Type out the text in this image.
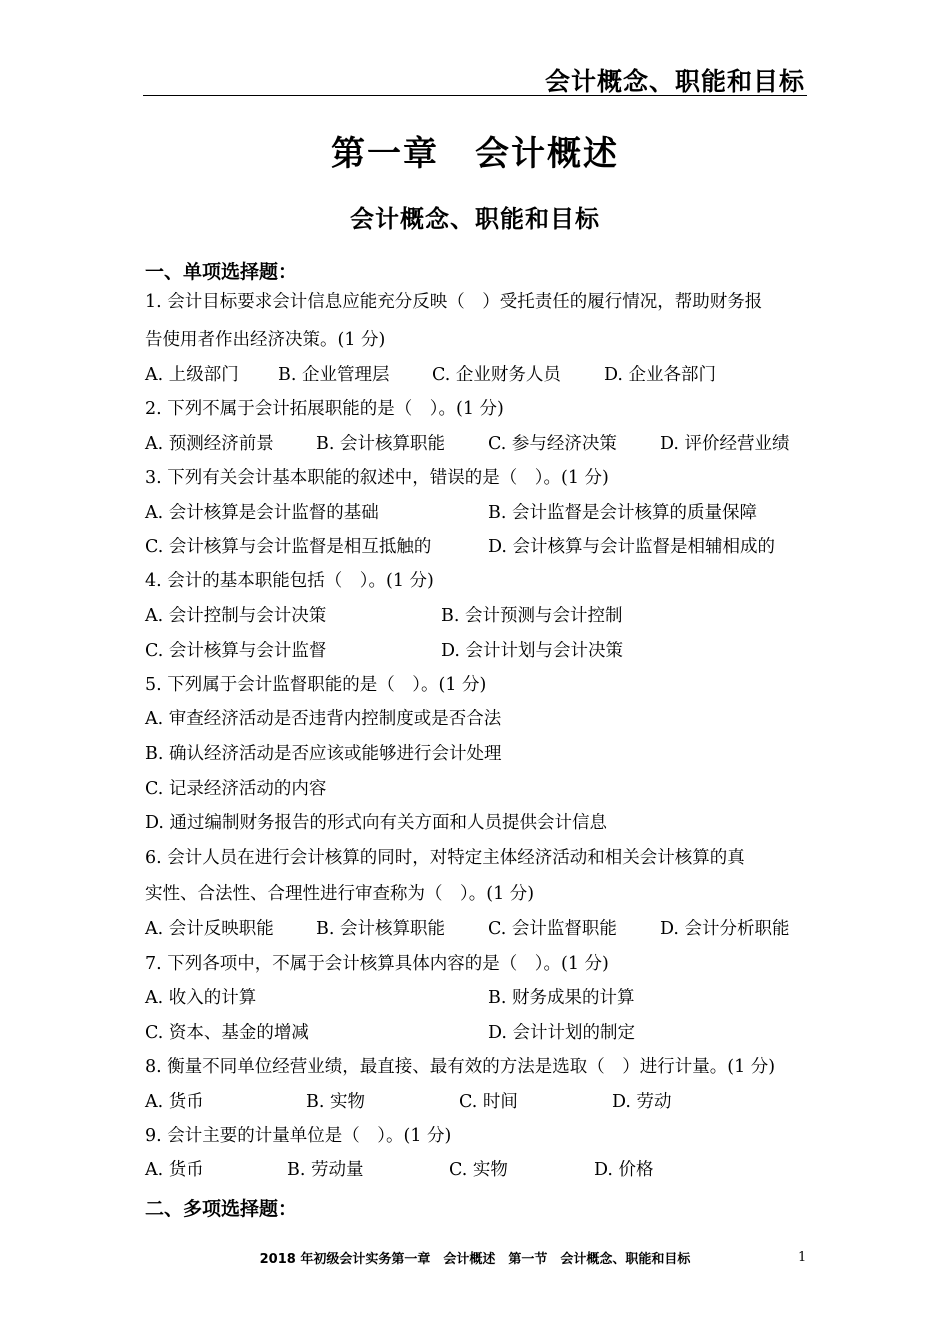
会计概念、职能和目标
第一章　会计概述
会计概念、职能和目标
一、单项选择题：
1. 会计目标要求会计信息应能充分反映（　）受托责任的履行情况，帮助财务报
告使用者作出经济决策。(1 分)
A. 上级部门 B. 企业管理层 C. 企业财务人员 D. 企业各部门
2. 下列不属于会计拓展职能的是（　）。(1 分)
A. 预测经济前景 B. 会计核算职能 C. 参与经济决策 D. 评价经营业绩
3. 下列有关会计基本职能的叙述中，错误的是（　）。(1 分)
A. 会计核算是会计监督的基础	B. 会计监督是会计核算的质量保障
C. 会计核算与会计监督是相互抵触的	D. 会计核算与会计监督是相辅相成的
4. 会计的基本职能包括（　）。(1 分)
A. 会计控制与会计决策	B. 会计预测与会计控制
C. 会计核算与会计监督	D. 会计计划与会计决策
5. 下列属于会计监督职能的是（　）。(1 分)
A. 审查经济活动是否违背内控制度或是否合法
B. 确认经济活动是否应该或能够进行会计处理
C. 记录经济活动的内容
D. 通过编制财务报告的形式向有关方面和人员提供会计信息
6. 会计人员在进行会计核算的同时，对特定主体经济活动和相关会计核算的真
实性、合法性、合理性进行审查称为（　）。(1 分)
A. 会计反映职能 B. 会计核算职能 C. 会计监督职能 D. 会计分析职能
7. 下列各项中，不属于会计核算具体内容的是（　）。(1 分)
A. 收入的计算	B. 财务成果的计算
C. 资本、基金的增减	D. 会计计划的制定
8. 衡量不同单位经营业绩，最直接、最有效的方法是选取（　）进行计量。(1 分)
A. 货币	B. 实物	C. 时间	D. 劳动
9. 会计主要的计量单位是（　）。(1 分)
A. 货币	B. 劳动量	C. 实物	D. 价格
二、多项选择题：
2018 年初级会计实务第一章　会计概述　第一节　会计概念、职能和目标	1
